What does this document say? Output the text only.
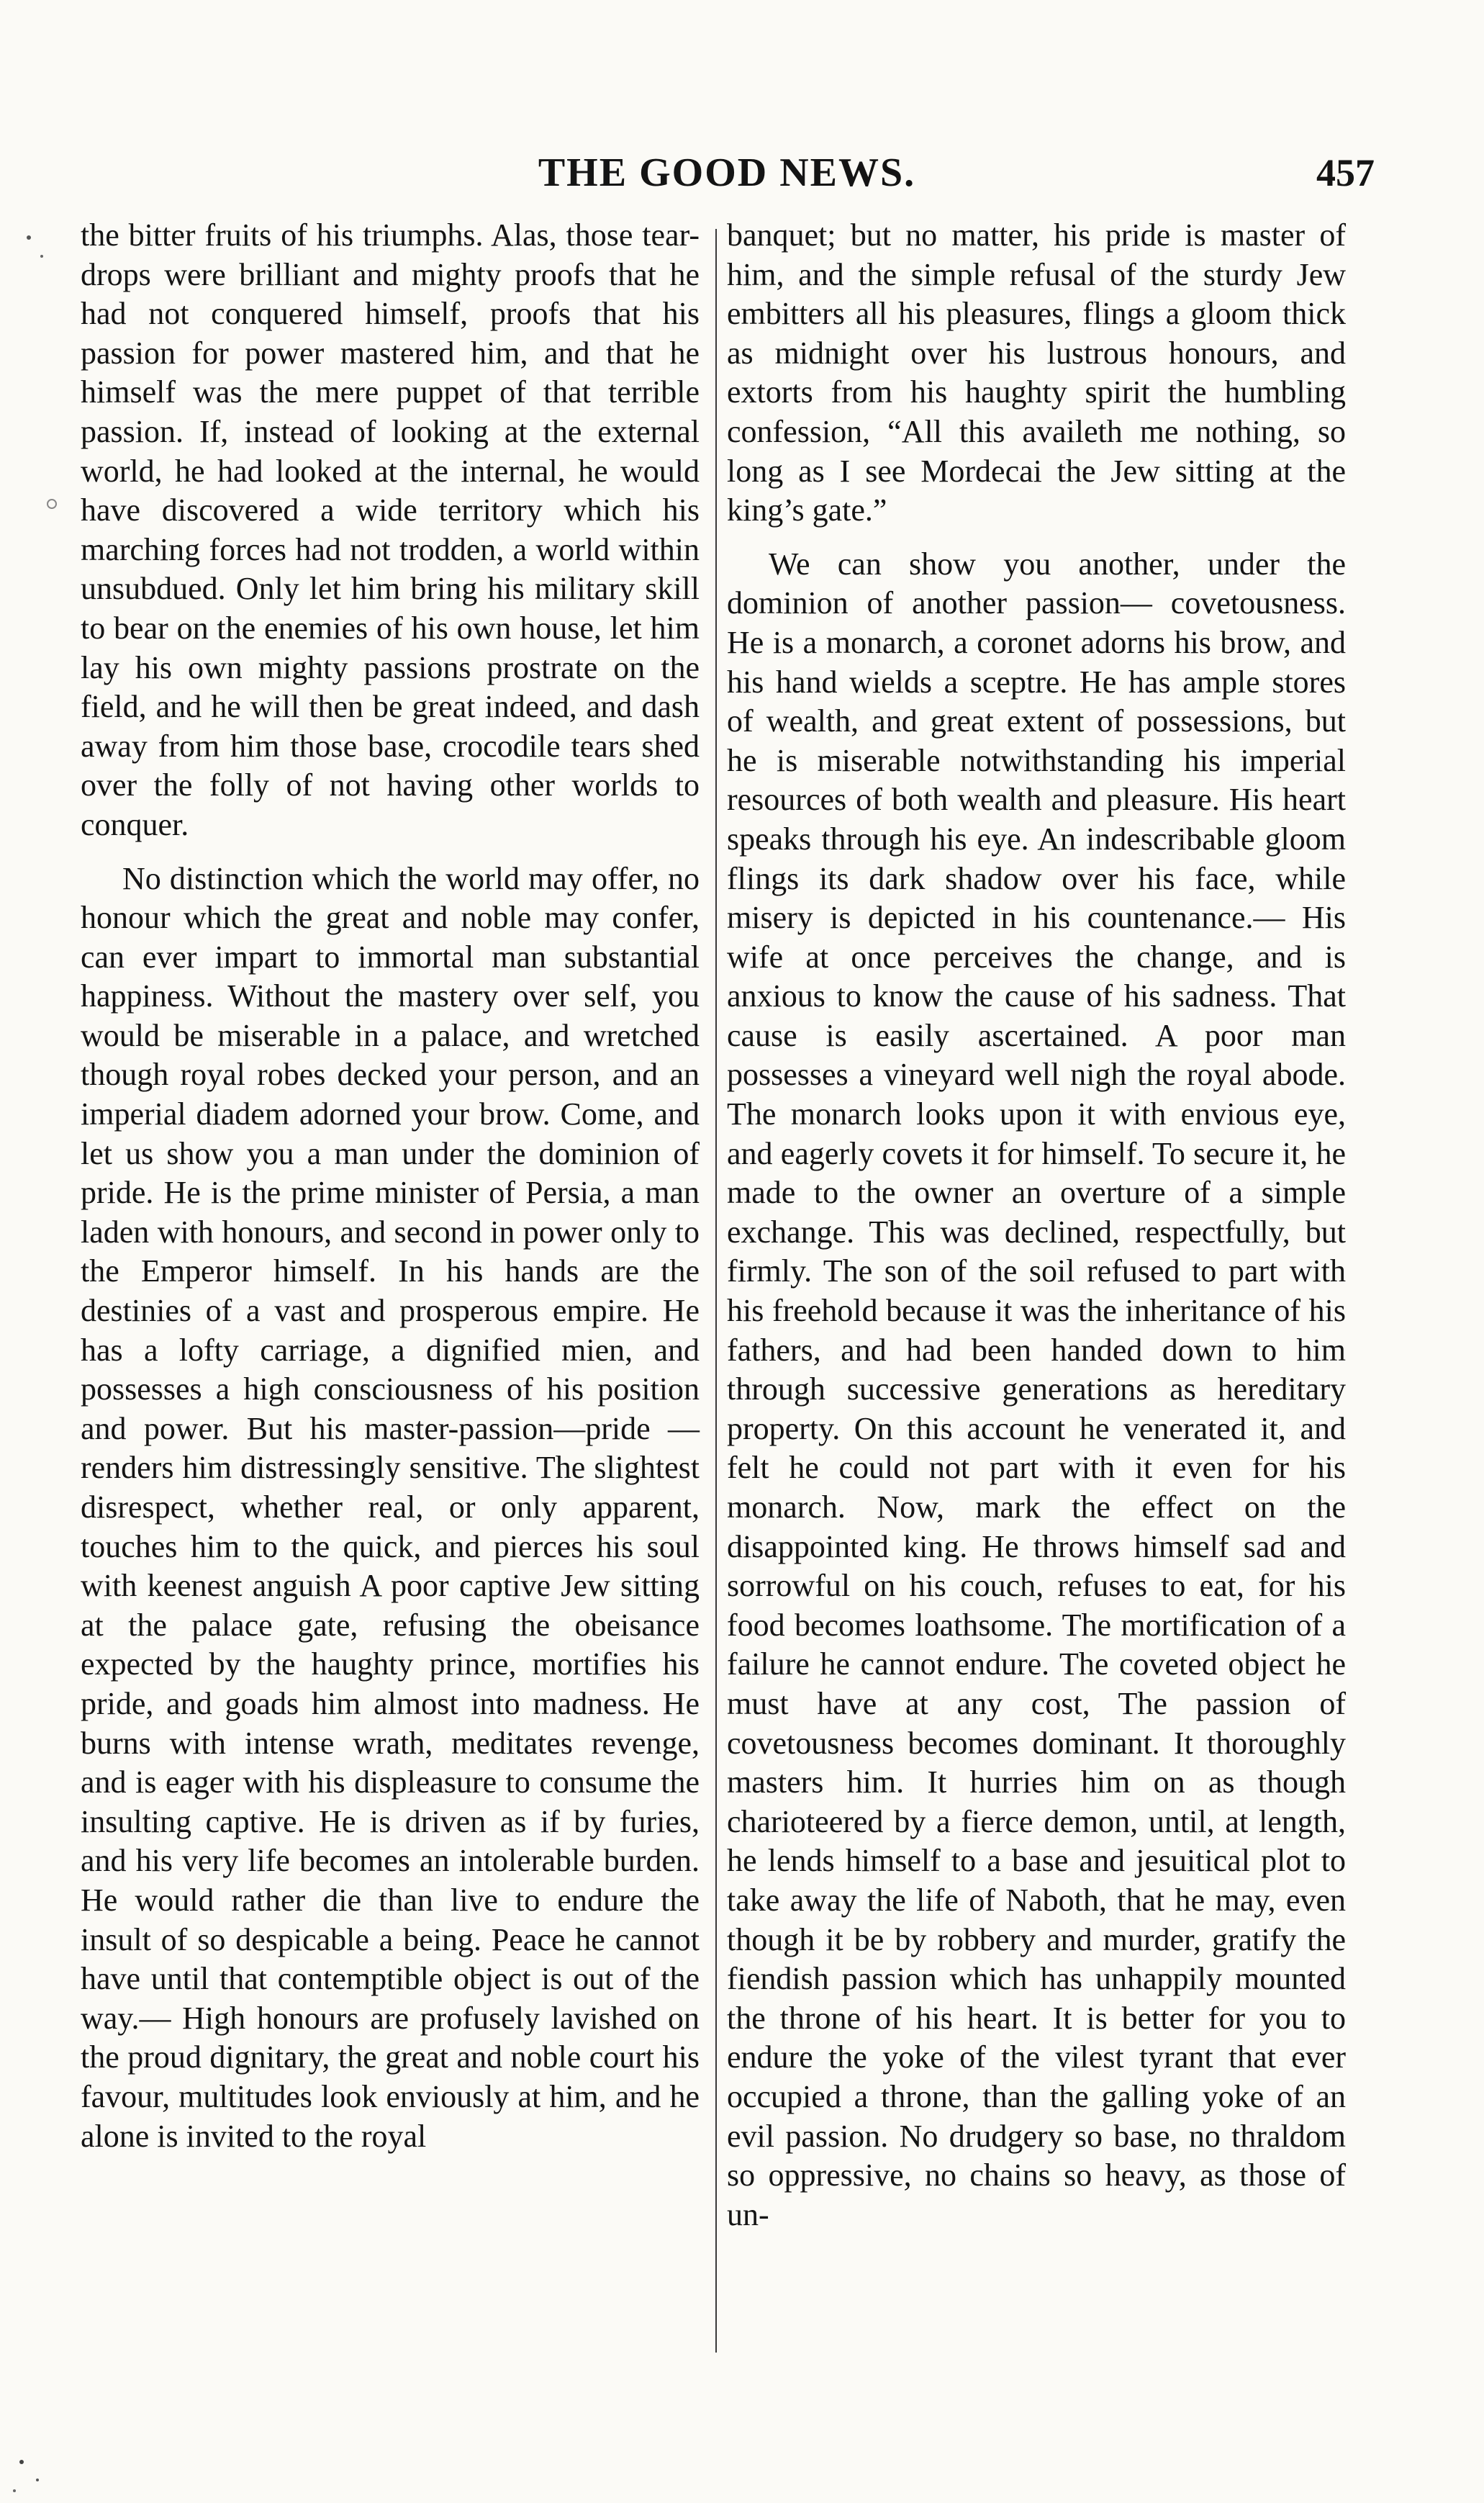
THE GOOD NEWS.	457

the bitter fruits of his triumphs. Alas, those tear-drops were brilliant and mighty proofs that he had not conquered himself, proofs that his passion for power mastered him, and that he himself was the mere puppet of that terrible passion. If, instead of looking at the external world, he had looked at the internal, he would have discovered a wide territory which his marching forces had not trodden, a world within unsubdued. Only let him bring his military skill to bear on the enemies of his own house, let him lay his own mighty passions prostrate on the field, and he will then be great indeed, and dash away from him those base, crocodile tears shed over the folly of not having other worlds to conquer.

No distinction which the world may offer, no honour which the great and noble may confer, can ever impart to immortal man substantial happiness. Without the mastery over self, you would be miserable in a palace, and wretched though royal robes decked your person, and an imperial diadem adorned your brow. Come, and let us show you a man under the dominion of pride. He is the prime minister of Persia, a man laden with honours, and second in power only to the Emperor himself. In his hands are the destinies of a vast and prosperous empire. He has a lofty carriage, a dignified mien, and possesses a high consciousness of his position and power. But his master-passion—pride —renders him distressingly sensitive. The slightest disrespect, whether real, or only apparent, touches him to the quick, and pierces his soul with keenest anguish A poor captive Jew sitting at the palace gate, refusing the obeisance expected by the haughty prince, mortifies his pride, and goads him almost into madness. He burns with intense wrath, meditates revenge, and is eager with his displeasure to consume the insulting captive. He is driven as if by furies, and his very life becomes an intolerable burden. He would rather die than live to endure the insult of so despicable a being. Peace he cannot have until that contemptible object is out of the way.— High honours are profusely lavished on the proud dignitary, the great and noble court his favour, multitudes look enviously at him, and he alone is invited to the royal

banquet; but no matter, his pride is master of him, and the simple refusal of the sturdy Jew embitters all his pleasures, flings a gloom thick as midnight over his lustrous honours, and extorts from his haughty spirit the humbling confession, “All this availeth me nothing, so long as I see Mordecai the Jew sitting at the king’s gate.”

We can show you another, under the dominion of another passion— covetousness. He is a monarch, a coronet adorns his brow, and his hand wields a sceptre. He has ample stores of wealth, and great extent of possessions, but he is miserable notwithstanding his imperial resources of both wealth and pleasure. His heart speaks through his eye. An indescribable gloom flings its dark shadow over his face, while misery is depicted in his countenance.— His wife at once perceives the change, and is anxious to know the cause of his sadness. That cause is easily ascertained. A poor man possesses a vineyard well nigh the royal abode. The monarch looks upon it with envious eye, and eagerly covets it for himself. To secure it, he made to the owner an overture of a simple exchange. This was declined, respectfully, but firmly. The son of the soil refused to part with his freehold because it was the inheritance of his fathers, and had been handed down to him through successive generations as hereditary property. On this account he venerated it, and felt he could not part with it even for his monarch. Now, mark the effect on the disappointed king. He throws himself sad and sorrowful on his couch, refuses to eat, for his food becomes loathsome. The mortification of a failure he cannot endure. The coveted object he must have at any cost, The passion of covetousness becomes dominant. It thoroughly masters him. It hurries him on as though charioteered by a fierce demon, until, at length, he lends himself to a base and jesuitical plot to take away the life of Naboth, that he may, even though it be by robbery and murder, gratify the fiendish passion which has unhappily mounted the throne of his heart. It is better for you to endure the yoke of the vilest tyrant that ever occupied a throne, than the galling yoke of an evil passion. No drudgery so base, no thraldom so oppressive, no chains so heavy, as those of un-
